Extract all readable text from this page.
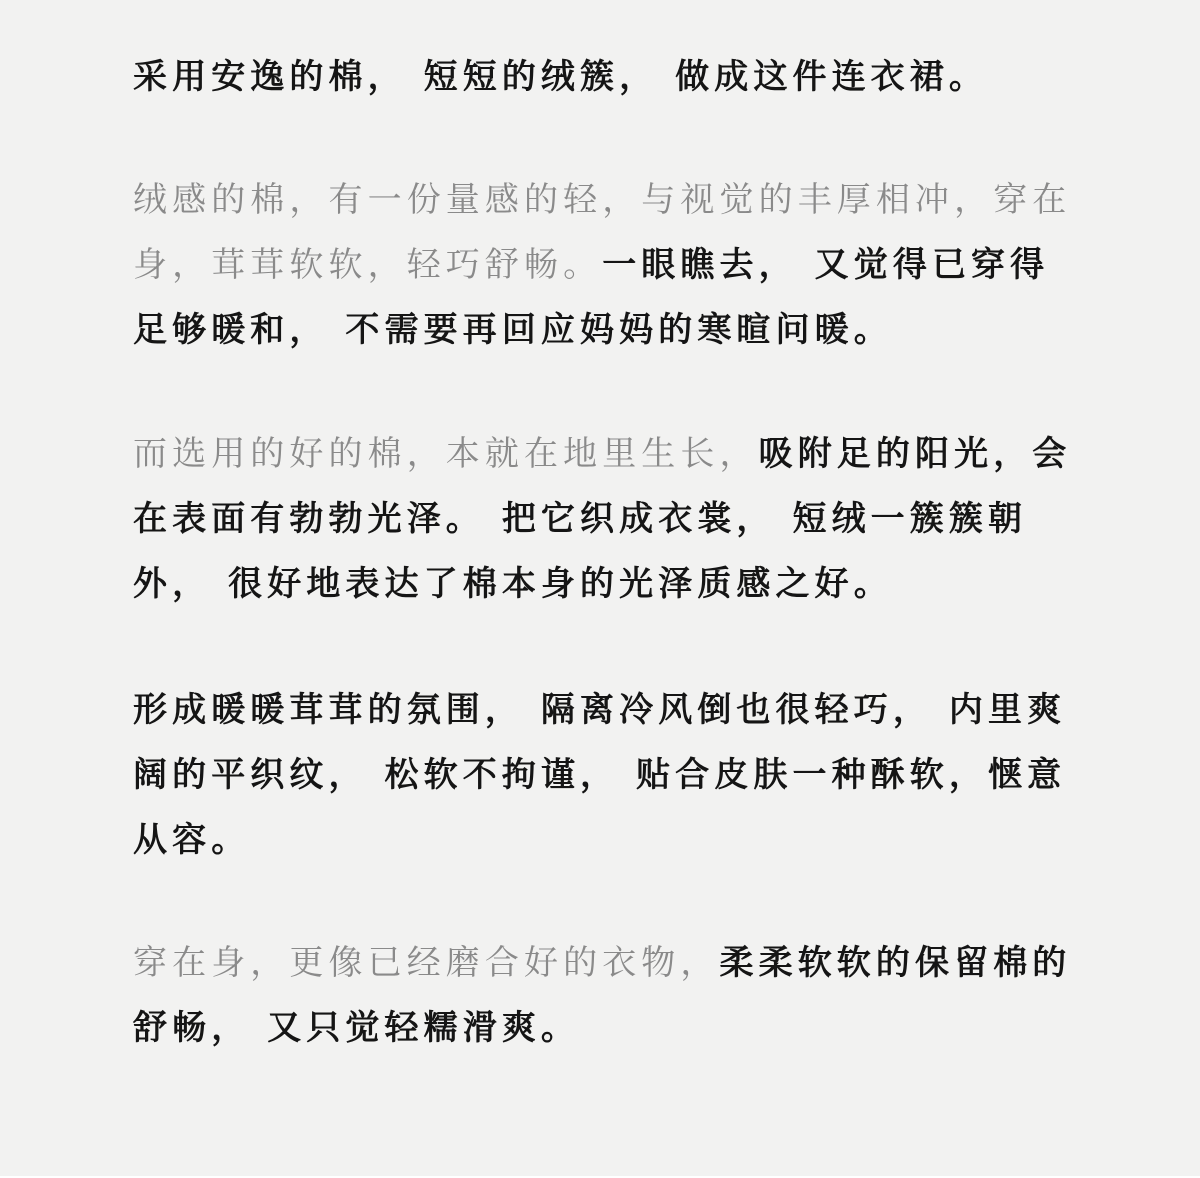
采用安逸的棉， 短短的绒簇， 做成这件连衣裙。

绒感的棉，有一份量感的轻，与视觉的丰厚相冲，穿在身，茸茸软软，轻巧舒畅。一眼瞧去， 又觉得已穿得足够暖和， 不需要再回应妈妈的寒暄问暖。

而选用的好的棉，本就在地里生长，吸附足的阳光，会在表面有勃勃光泽。 把它织成衣裳， 短绒一簇簇朝外， 很好地表达了棉本身的光泽质感之好。

形成暖暖茸茸的氛围， 隔离冷风倒也很轻巧， 内里爽阔的平织纹， 松软不拘谨， 贴合皮肤一种酥软，惬意从容。

穿在身，更像已经磨合好的衣物，柔柔软软的保留棉的舒畅， 又只觉轻糯滑爽。
